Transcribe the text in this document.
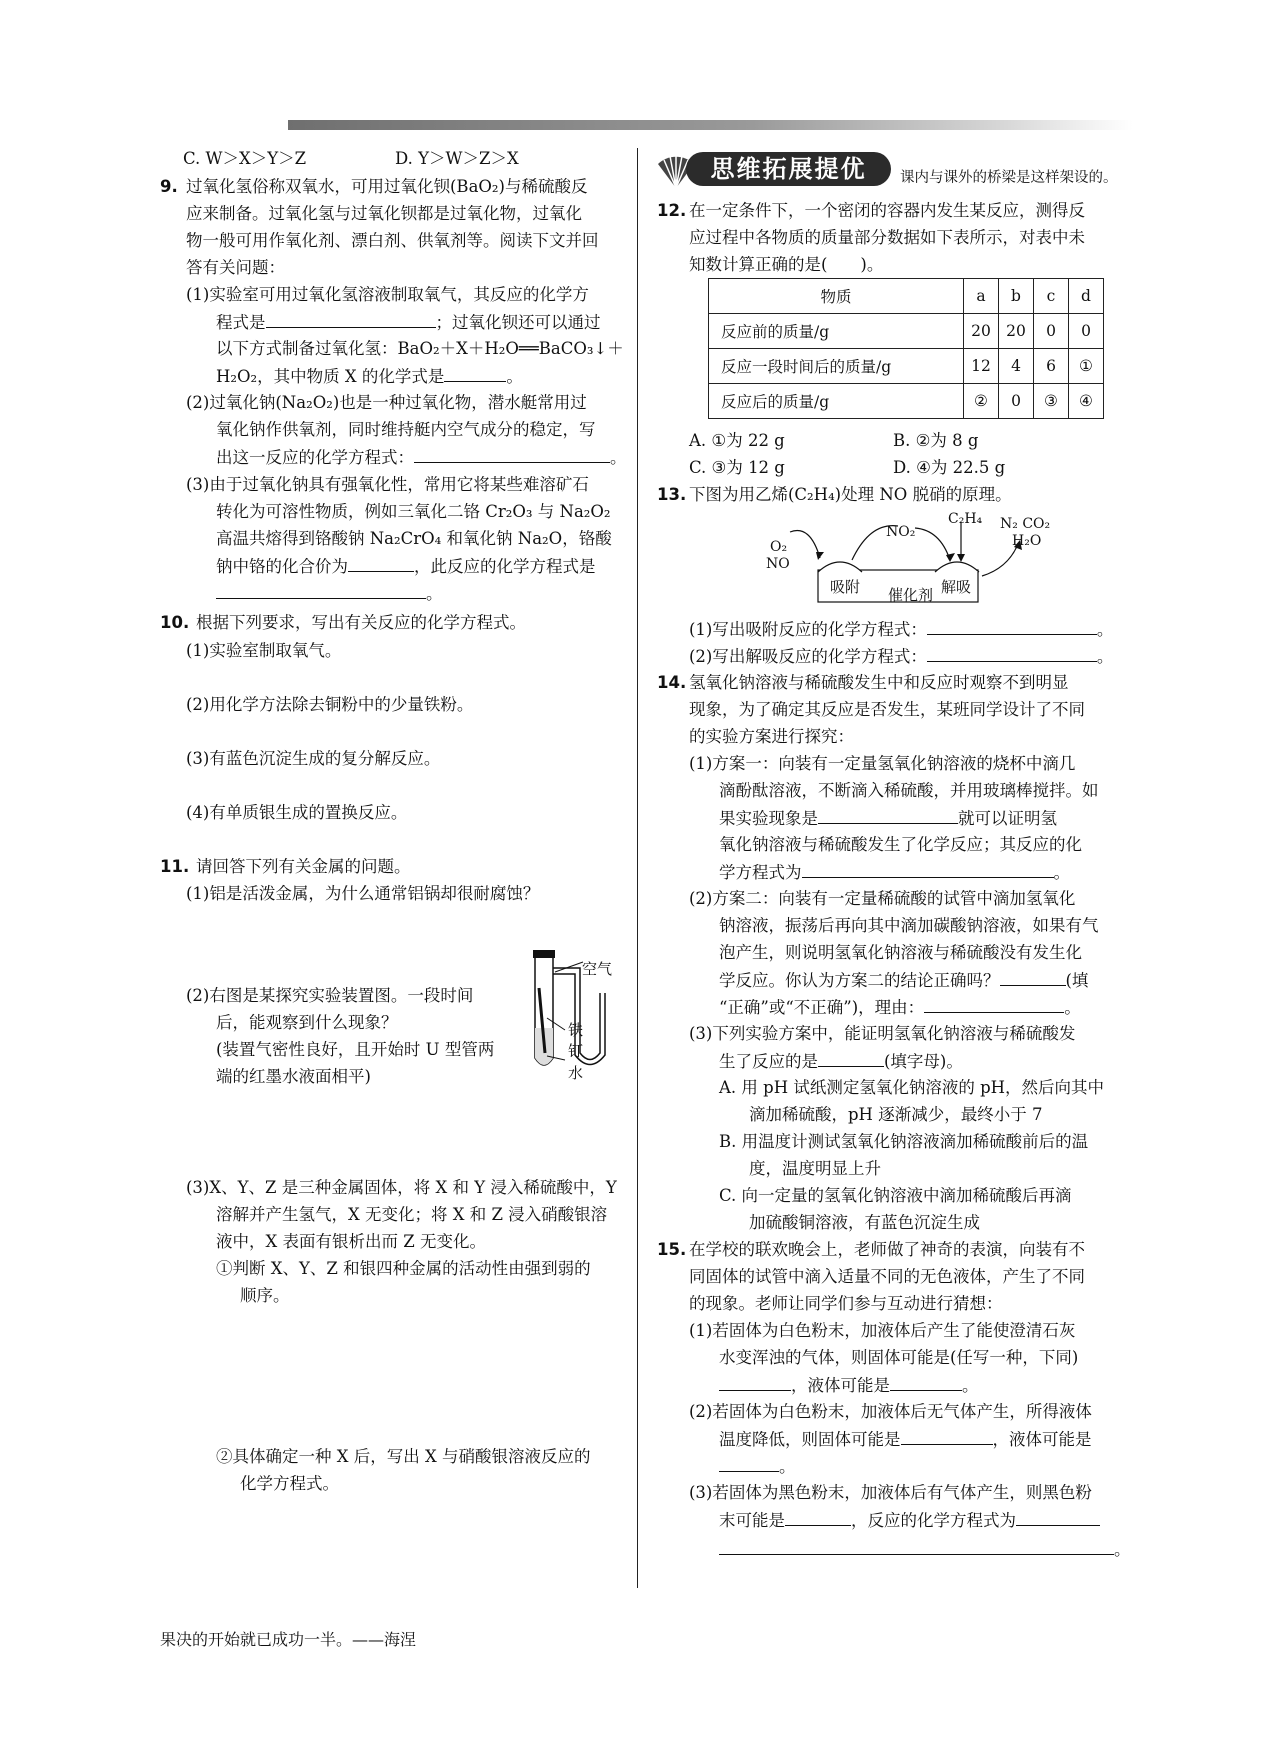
C. W＞X＞Y＞Z	D. Y＞W＞Z＞X
9. 过氧化氢俗称双氧水，可用过氧化钡(BaO₂)与稀硫酸反
应来制备。过氧化氢与过氧化钡都是过氧化物，过氧化
物一般可用作氧化剂、漂白剂、供氧剂等。阅读下文并回
答有关问题：
(1)实验室可用过氧化氢溶液制取氧气，其反应的化学方
程式是	；过氧化钡还可以通过
以下方式制备过氧化氢：BaO₂＋X＋H₂O══BaCO₃↓＋
H₂O₂，其中物质 X 的化学式是	。
(2)过氧化钠(Na₂O₂)也是一种过氧化物，潜水艇常用过
氧化钠作供氧剂，同时维持艇内空气成分的稳定，写
出这一反应的化学方程式：	。
(3)由于过氧化钠具有强氧化性，常用它将某些难溶矿石
转化为可溶性物质，例如三氧化二铬 Cr₂O₃ 与 Na₂O₂
高温共熔得到铬酸钠 Na₂CrO₄ 和氧化钠 Na₂O，铬酸
钠中铬的化合价为	，此反应的化学方程式是
。
10. 根据下列要求，写出有关反应的化学方程式。
(1)实验室制取氧气。
(2)用化学方法除去铜粉中的少量铁粉。
(3)有蓝色沉淀生成的复分解反应。
(4)有单质银生成的置换反应。
11. 请回答下列有关金属的问题。
(1)铝是活泼金属，为什么通常铝锅却很耐腐蚀？
(2)右图是某探究实验装置图。一段时间
后，能观察到什么现象？
(装置气密性良好，且开始时 U 型管两
端的红墨水液面相平)
空气
铁
钉
水
(3)X、Y、Z 是三种金属固体，将 X 和 Y 浸入稀硫酸中，Y
溶解并产生氢气，X 无变化；将 X 和 Z 浸入硝酸银溶
液中，X 表面有银析出而 Z 无变化。
①判断 X、Y、Z 和银四种金属的活动性由强到弱的
顺序。
②具体确定一种 X 后，写出 X 与硝酸银溶液反应的
化学方程式。
思维拓展提优	课内与课外的桥梁是这样架设的。
12. 在一定条件下，一个密闭的容器内发生某反应，测得反
应过程中各物质的质量部分数据如下表所示，对表中未
知数计算正确的是(　　)。
物质	a	b	c	d
反应前的质量/g	20	20	0	0
反应一段时间后的质量/g	12	4	6	①
反应后的质量/g	②	0	③	④
A. ①为 22 g	B. ②为 8 g
C. ③为 12 g	D. ④为 22.5 g
13. 下图为用乙烯(C₂H₄)处理 NO 脱硝的原理。
O₂
NO
NO₂
C₂H₄ N₂ CO₂
H₂O
吸附 催化剂 解吸
(1)写出吸附反应的化学方程式：	。
(2)写出解吸反应的化学方程式：	。
14. 氢氧化钠溶液与稀硫酸发生中和反应时观察不到明显
现象，为了确定其反应是否发生，某班同学设计了不同
的实验方案进行探究：
(1)方案一：向装有一定量氢氧化钠溶液的烧杯中滴几
滴酚酞溶液，不断滴入稀硫酸，并用玻璃棒搅拌。如
果实验现象是	就可以证明氢
氧化钠溶液与稀硫酸发生了化学反应；其反应的化
学方程式为	。
(2)方案二：向装有一定量稀硫酸的试管中滴加氢氧化
钠溶液，振荡后再向其中滴加碳酸钠溶液，如果有气
泡产生，则说明氢氧化钠溶液与稀硫酸没有发生化
学反应。你认为方案二的结论正确吗？	(填
“正确”或“不正确”)，理由：	。
(3)下列实验方案中，能证明氢氧化钠溶液与稀硫酸发
生了反应的是	(填字母)。
A. 用 pH 试纸测定氢氧化钠溶液的 pH，然后向其中
滴加稀硫酸，pH 逐渐减少，最终小于 7
B. 用温度计测试氢氧化钠溶液滴加稀硫酸前后的温
度，温度明显上升
C. 向一定量的氢氧化钠溶液中滴加稀硫酸后再滴
加硫酸铜溶液，有蓝色沉淀生成
15. 在学校的联欢晚会上，老师做了神奇的表演，向装有不
同固体的试管中滴入适量不同的无色液体，产生了不同
的现象。老师让同学们参与互动进行猜想：
(1)若固体为白色粉末，加液体后产生了能使澄清石灰
水变浑浊的气体，则固体可能是(任写一种，下同)
，液体可能是	。
(2)若固体为白色粉末，加液体后无气体产生，所得液体
温度降低，则固体可能是	，液体可能是
。
(3)若固体为黑色粉末，加液体后有气体产生，则黑色粉
末可能是	，反应的化学方程式为
。
果决的开始就已成功一半。——海涅
